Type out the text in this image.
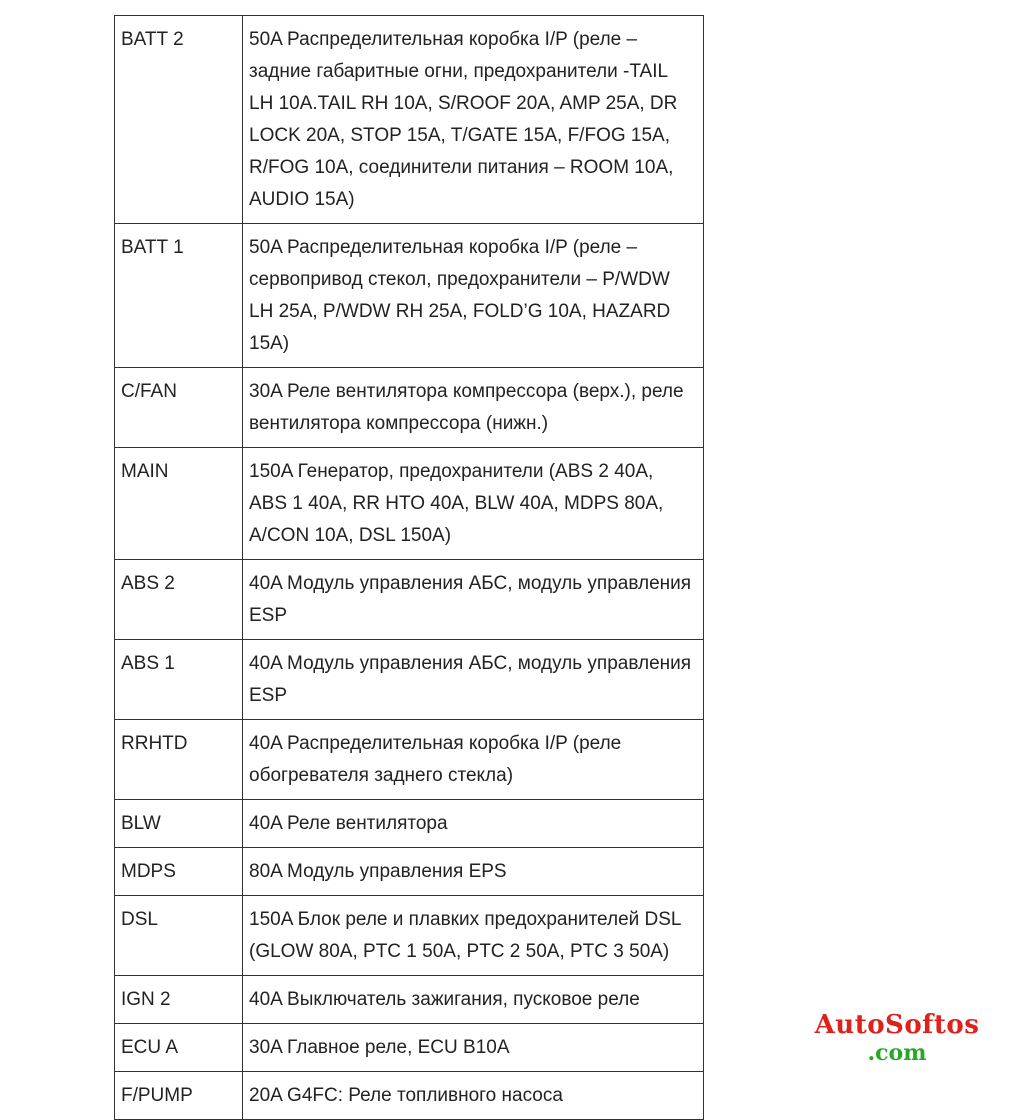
BATT 2	50A Распределительная коробка I/P (реле – задние габаритные огни, предохранители -TAIL LH 10A.TAIL RH 10A, S/ROOF 20A, AMP 25A, DR LOCK 20A, STOP 15A, T/GATE 15A, F/FOG 15A, R/FOG 10A, соединители питания – ROOM 10A, AUDIO 15A)
BATT 1	50A Распределительная коробка I/P (реле – сервопривод стекол, предохранители – P/WDW LH 25A, P/WDW RH 25A, FOLD’G 10A, HAZARD 15A)
C/FAN	30A Реле вентилятора компрессора (верх.), реле вентилятора компрессора (нижн.)
MAIN	150A Генератор, предохранители (ABS 2 40A, ABS 1 40A, RR HTO 40A, BLW 40A, MDPS 80A, A/CON 10A, DSL 150A)
ABS 2	40A Модуль управления АБС, модуль управления ESP
ABS 1	40A Модуль управления АБС, модуль управления ESP
RRHTD	40A Распределительная коробка I/P (реле обогревателя заднего стекла)
BLW	40A Реле вентилятора
MDPS	80A Модуль управления EPS
DSL	150A Блок реле и плавких предохранителей DSL (GLOW 80A, PTC 1 50A, PTC 2 50A, PTC 3 50A)
IGN 2	40A Выключатель зажигания, пусковое реле
ECU A	30A Главное реле, ECU B10A
F/PUMP	20A G4FC: Реле топливного насоса
AutoSoftos
.com
